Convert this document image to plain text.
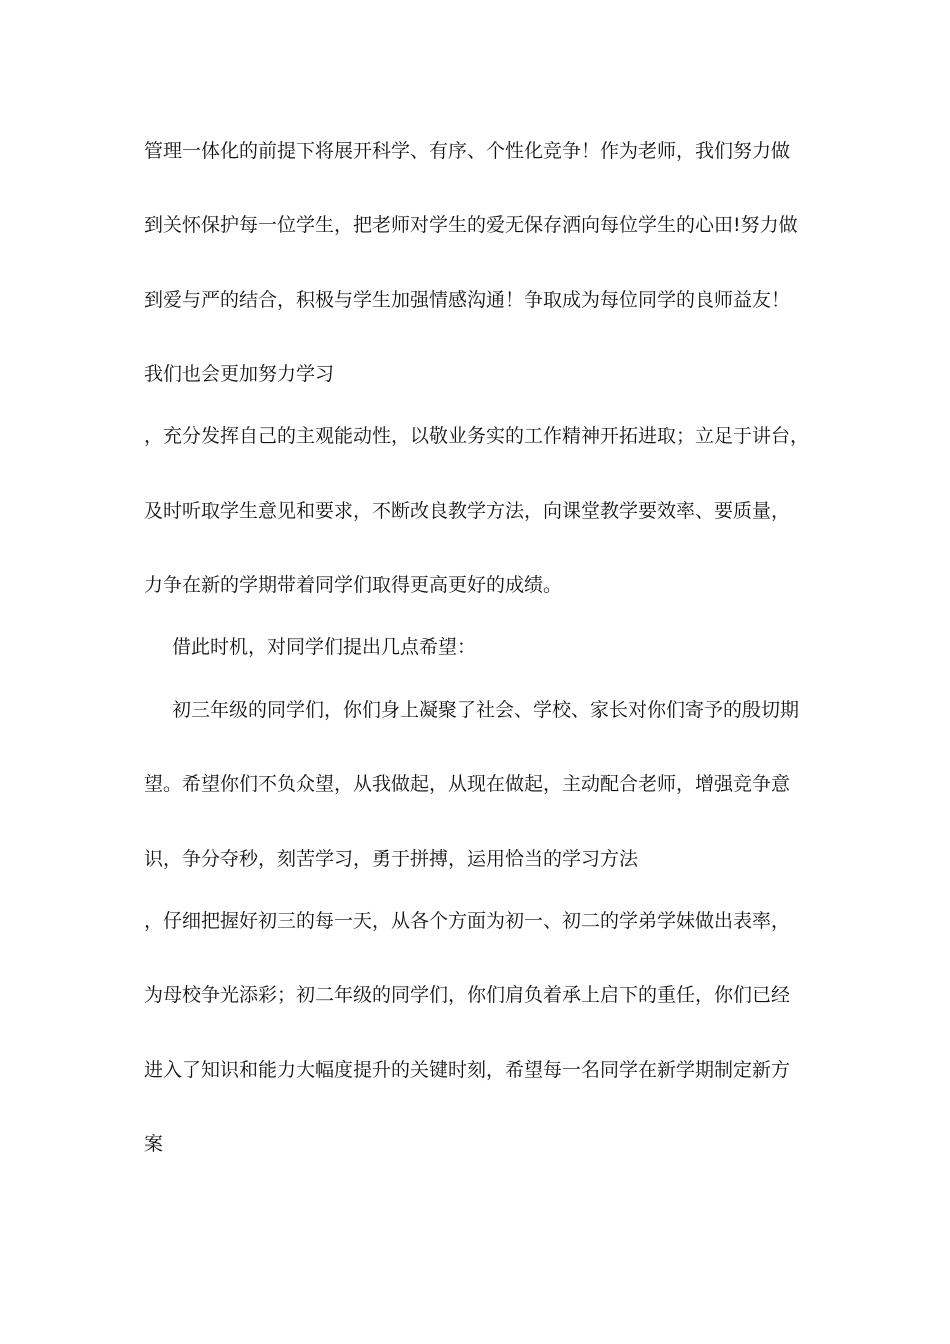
管理一体化的前提下将展开科学、有序、个性化竞争！作为老师，我们努力做
到关怀保护每一位学生，把老师对学生的爱无保存洒向每位学生的心田!努力做
到爱与严的结合，积极与学生加强情感沟通！争取成为每位同学的良师益友！
我们也会更加努力学习
，充分发挥自己的主观能动性，以敬业务实的工作精神开拓进取；立足于讲台，
及时听取学生意见和要求，不断改良教学方法，向课堂教学要效率、要质量，
力争在新的学期带着同学们取得更高更好的成绩。
借此时机，对同学们提出几点希望：
初三年级的同学们，你们身上凝聚了社会、学校、家长对你们寄予的殷切期
望。希望你们不负众望，从我做起，从现在做起，主动配合老师，增强竞争意
识，争分夺秒，刻苦学习，勇于拼搏，运用恰当的学习方法
，仔细把握好初三的每一天，从各个方面为初一、初二的学弟学妹做出表率，
为母校争光添彩；初二年级的同学们，你们肩负着承上启下的重任，你们已经
进入了知识和能力大幅度提升的关键时刻，希望每一名同学在新学期制定新方
案
